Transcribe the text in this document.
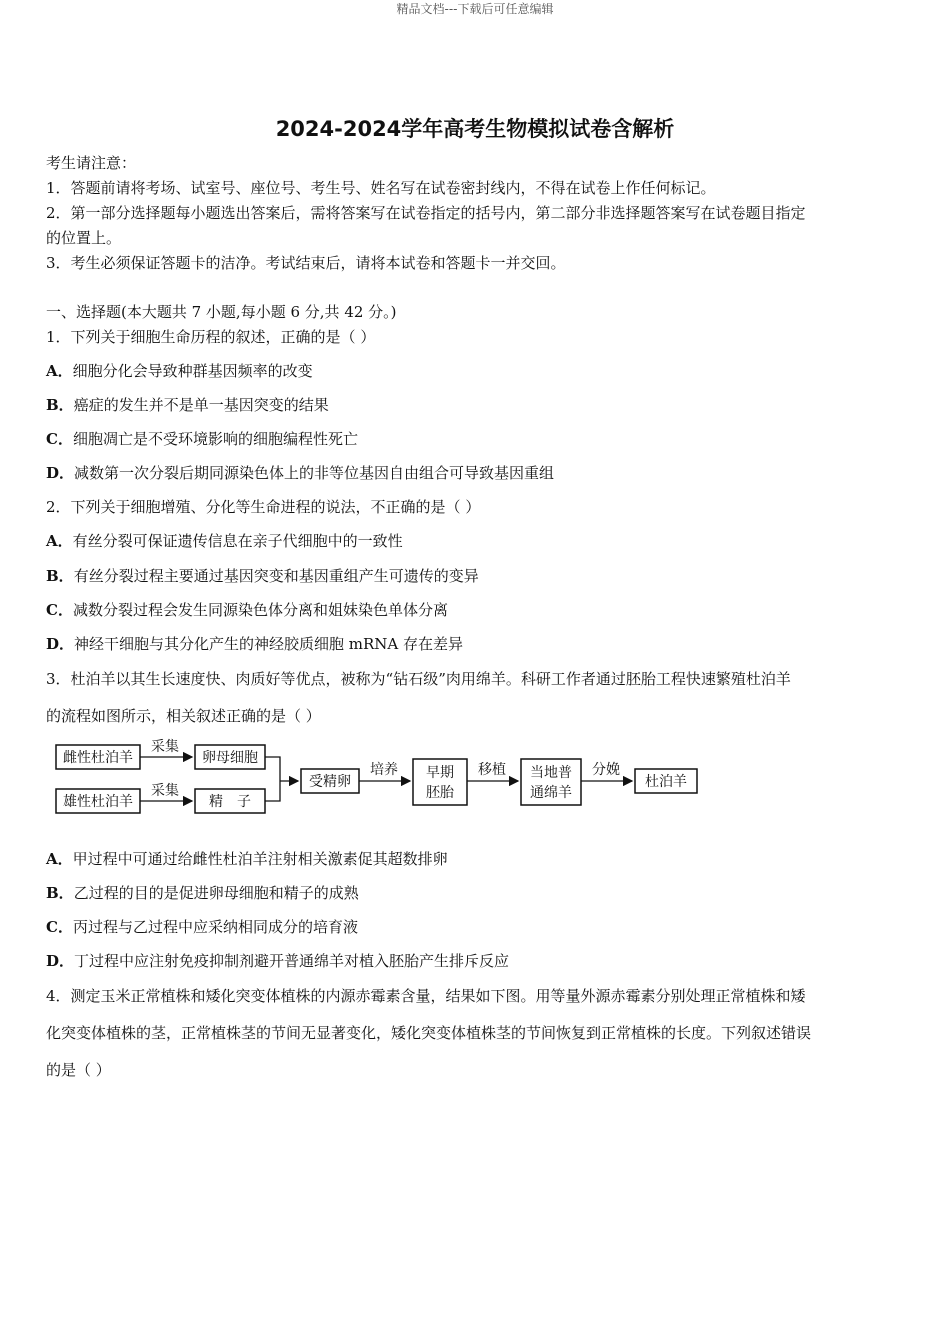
精品文档---下载后可任意编辑
2024-2024学年高考生物模拟试卷含解析
考生请注意：
1．答题前请将考场、试室号、座位号、考生号、姓名写在试卷密封线内，不得在试卷上作任何标记。
2．第一部分选择题每小题选出答案后，需将答案写在试卷指定的括号内，第二部分非选择题答案写在试卷题目指定
的位置上。
3．考生必须保证答题卡的洁净。考试结束后，请将本试卷和答题卡一并交回。
一、选择题(本大题共 7 小题,每小题 6 分,共 42 分。)
1．下列关于细胞生命历程的叙述，正确的是（ ）
A．细胞分化会导致种群基因频率的改变
B．癌症的发生并不是单一基因突变的结果
C．细胞凋亡是不受环境影响的细胞编程性死亡
D．减数第一次分裂后期同源染色体上的非等位基因自由组合可导致基因重组
2．下列关于细胞增殖、分化等生命进程的说法，不正确的是（ ）
A．有丝分裂可保证遗传信息在亲子代细胞中的一致性
B．有丝分裂过程主要通过基因突变和基因重组产生可遗传的变异
C．减数分裂过程会发生同源染色体分离和姐妹染色单体分离
D．神经干细胞与其分化产生的神经胶质细胞 mRNA 存在差异
3．杜泊羊以其生长速度快、肉质好等优点，被称为“钻石级”肉用绵羊。科研工作者通过胚胎工程快速繁殖杜泊羊
的流程如图所示，相关叙述正确的是（ ）
雌性杜泊羊
雄性杜泊羊
采集
采集
卵母细胞
精　子
受精卵
培养 早期
胚胎
移植 当地普
通绵羊
分娩
杜泊羊
A．甲过程中可通过给雌性杜泊羊注射相关激素促其超数排卵
B．乙过程的目的是促进卵母细胞和精子的成熟
C．丙过程与乙过程中应采纳相同成分的培育液
D．丁过程中应注射免疫抑制剂避开普通绵羊对植入胚胎产生排斥反应
4．测定玉米正常植株和矮化突变体植株的内源赤霉素含量，结果如下图。用等量外源赤霉素分别处理正常植株和矮
化突变体植株的茎，正常植株茎的节间无显著变化，矮化突变体植株茎的节间恢复到正常植株的长度。下列叙述错误
的是（ ）
